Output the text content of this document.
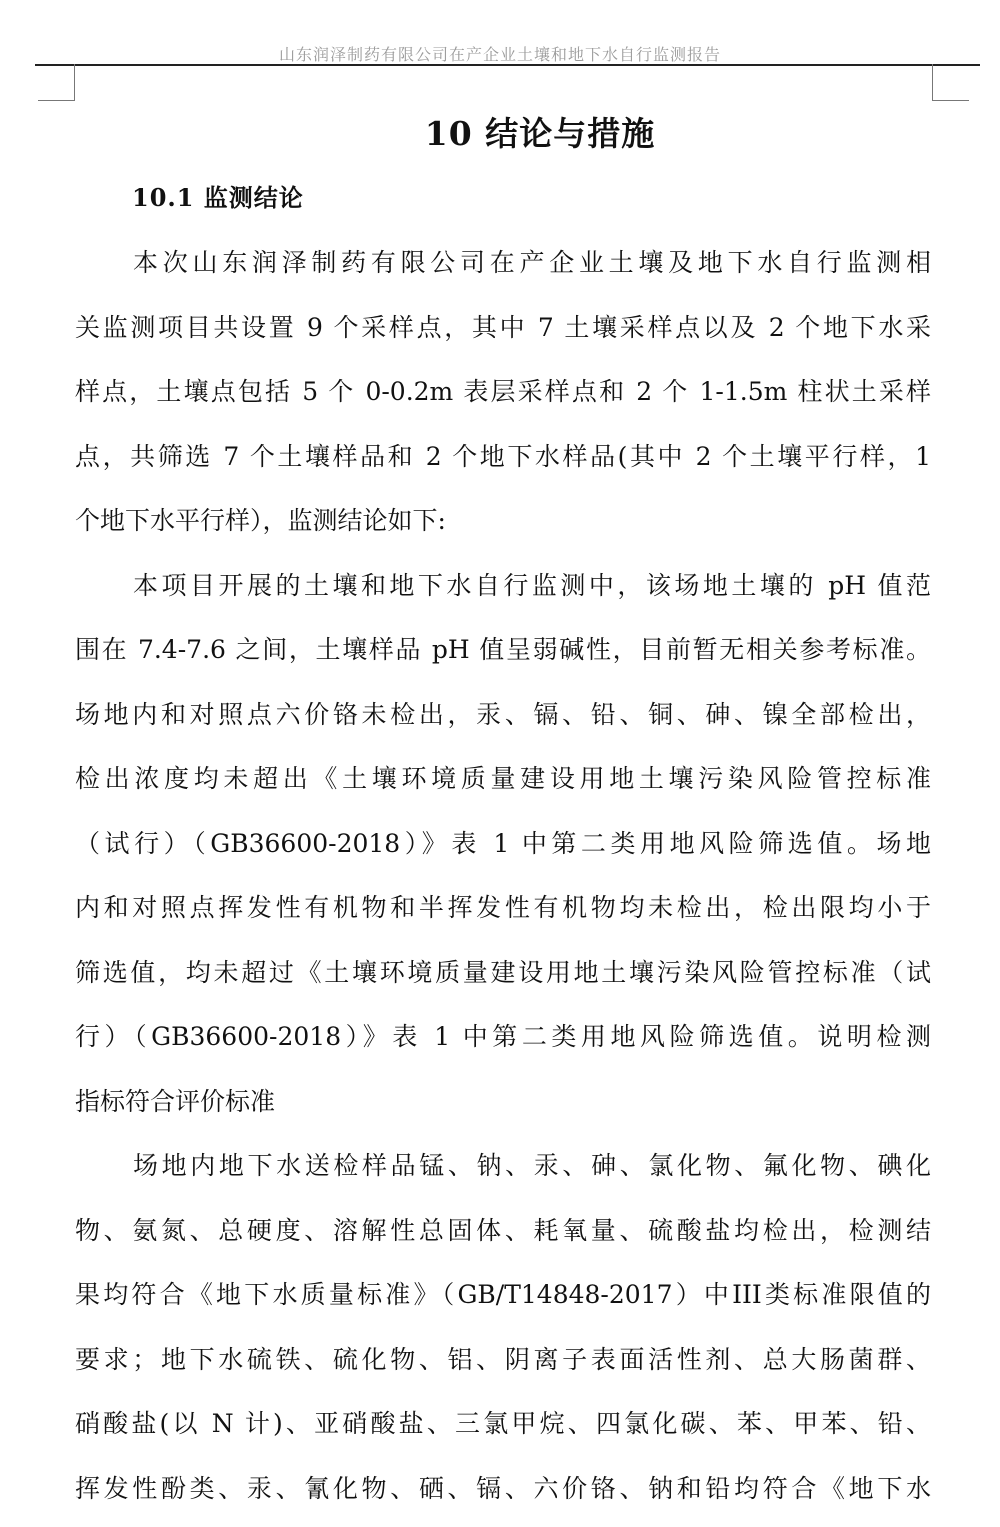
山东润泽制药有限公司在产企业土壤和地下水自行监测报告
10 结论与措施
10.1 监测结论

本次山东润泽制药有限公司在产企业土壤及地下水自行监测相
关监测项目共设置 9 个采样点，其中 7 土壤采样点以及 2 个地下水采
样点，土壤点包括 5 个 0-0.2m 表层采样点和 2 个 1-1.5m 柱状土采样
点，共筛选 7 个土壤样品和 2 个地下水样品(其中 2 个土壤平行样，1
个地下水平行样），监测结论如下:

本项目开展的土壤和地下水自行监测中，该场地土壤的 pH 值范
围在 7.4-7.6 之间，土壤样品 pH 值呈弱碱性，目前暂无相关参考标准。
场地内和对照点六价铬未检出，汞、镉、铅、铜、砷、镍全部检出，
检出浓度均未超出《土壤环境质量建设用地土壤污染风险管控标准
（试行）（GB36600-2018）》表 1 中第二类用地风险筛选值。场地
内和对照点挥发性有机物和半挥发性有机物均未检出，检出限均小于
筛选值，均未超过《土壤环境质量建设用地土壤污染风险管控标准（试
行）（GB36600-2018）》表 1 中第二类用地风险筛选值。说明检测
指标符合评价标准

场地内地下水送检样品锰、钠、汞、砷、氯化物、氟化物、碘化
物、氨氮、总硬度、溶解性总固体、耗氧量、硫酸盐均检出，检测结
果均符合《地下水质量标准》（GB/T14848-2017）中III类标准限值的
要求；地下水硫铁、硫化物、铝、阴离子表面活性剂、总大肠菌群、
硝酸盐(以 N 计)、亚硝酸盐、三氯甲烷、四氯化碳、苯、甲苯、铅、
挥发性酚类、汞、氰化物、硒、镉、六价铬、钠和铅均符合《地下水
